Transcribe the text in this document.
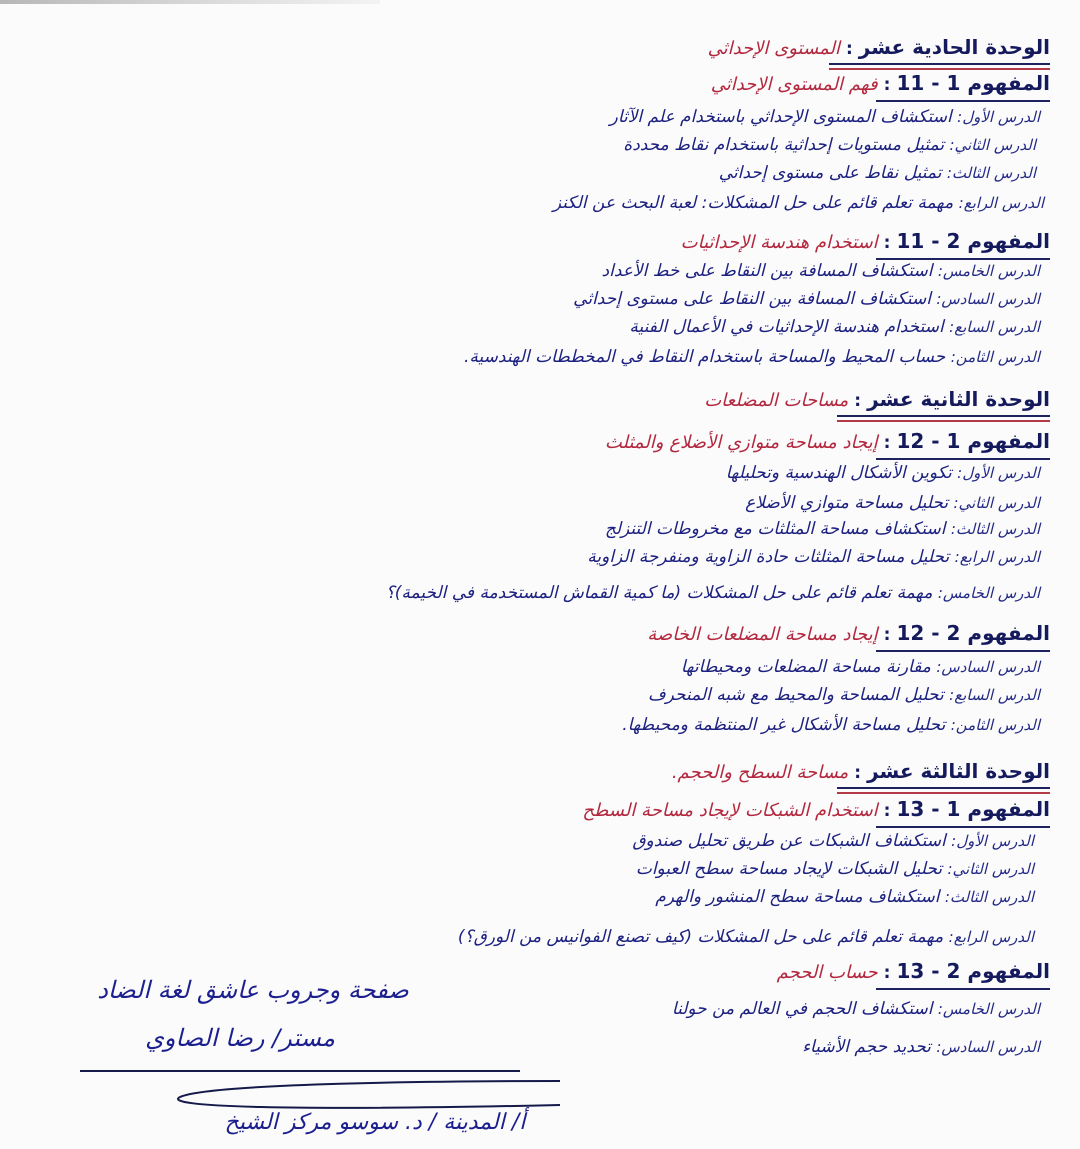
الوحدة الحادية عشر:المستوى الإحداثي
المفهوم 1 - 11:فهم المستوى الإحداثي
الدرس الأول: استكشاف المستوى الإحداثي باستخدام علم الآثار
الدرس الثاني: تمثيل مستويات إحداثية باستخدام نقاط محددة
الدرس الثالث: تمثيل نقاط على مستوى إحداثي
الدرس الرابع: مهمة تعلم قائم على حل المشكلات: لعبة البحث عن الكنز
المفهوم 2 - 11:استخدام هندسة الإحداثيات
الدرس الخامس: استكشاف المسافة بين النقاط على خط الأعداد
الدرس السادس: استكشاف المسافة بين النقاط على مستوى إحداثي
الدرس السابع: استخدام هندسة الإحداثيات في الأعمال الفنية
الدرس الثامن: حساب المحيط والمساحة باستخدام النقاط في المخططات الهندسية.
الوحدة الثانية عشر:مساحات المضلعات
المفهوم 1 - 12:إيجاد مساحة متوازي الأضلاع والمثلث
الدرس الأول: تكوين الأشكال الهندسية وتحليلها
الدرس الثاني: تحليل مساحة متوازي الأضلاع
الدرس الثالث: استكشاف مساحة المثلثات مع مخروطات التنزلج
الدرس الرابع: تحليل مساحة المثلثات حادة الزاوية ومنفرجة الزاوية
الدرس الخامس: مهمة تعلم قائم على حل المشكلات (ما كمية القماش المستخدمة في الخيمة)؟
المفهوم 2 - 12:إيجاد مساحة المضلعات الخاصة
الدرس السادس: مقارنة مساحة المضلعات ومحيطاتها
الدرس السابع: تحليل المساحة والمحيط مع شبه المنحرف
الدرس الثامن: تحليل مساحة الأشكال غير المنتظمة ومحيطها.
الوحدة الثالثة عشر:مساحة السطح والحجم.
المفهوم 1 - 13:استخدام الشبكات لإيجاد مساحة السطح
الدرس الأول: استكشاف الشبكات عن طريق تحليل صندوق
الدرس الثاني: تحليل الشبكات لإيجاد مساحة سطح العبوات
الدرس الثالث: استكشاف مساحة سطح المنشور والهرم
الدرس الرابع: مهمة تعلم قائم على حل المشكلات (كيف تصنع الفوانيس من الورق؟)
المفهوم 2 - 13:حساب الحجم
الدرس الخامس: استكشاف الحجم في العالم من حولنا
الدرس السادس: تحديد حجم الأشياء
صفحة وجروب عاشق لغة الضاد
مستر/ رضا الصاوي
أ/ المدينة / د. سوسو مركز الشيخ
